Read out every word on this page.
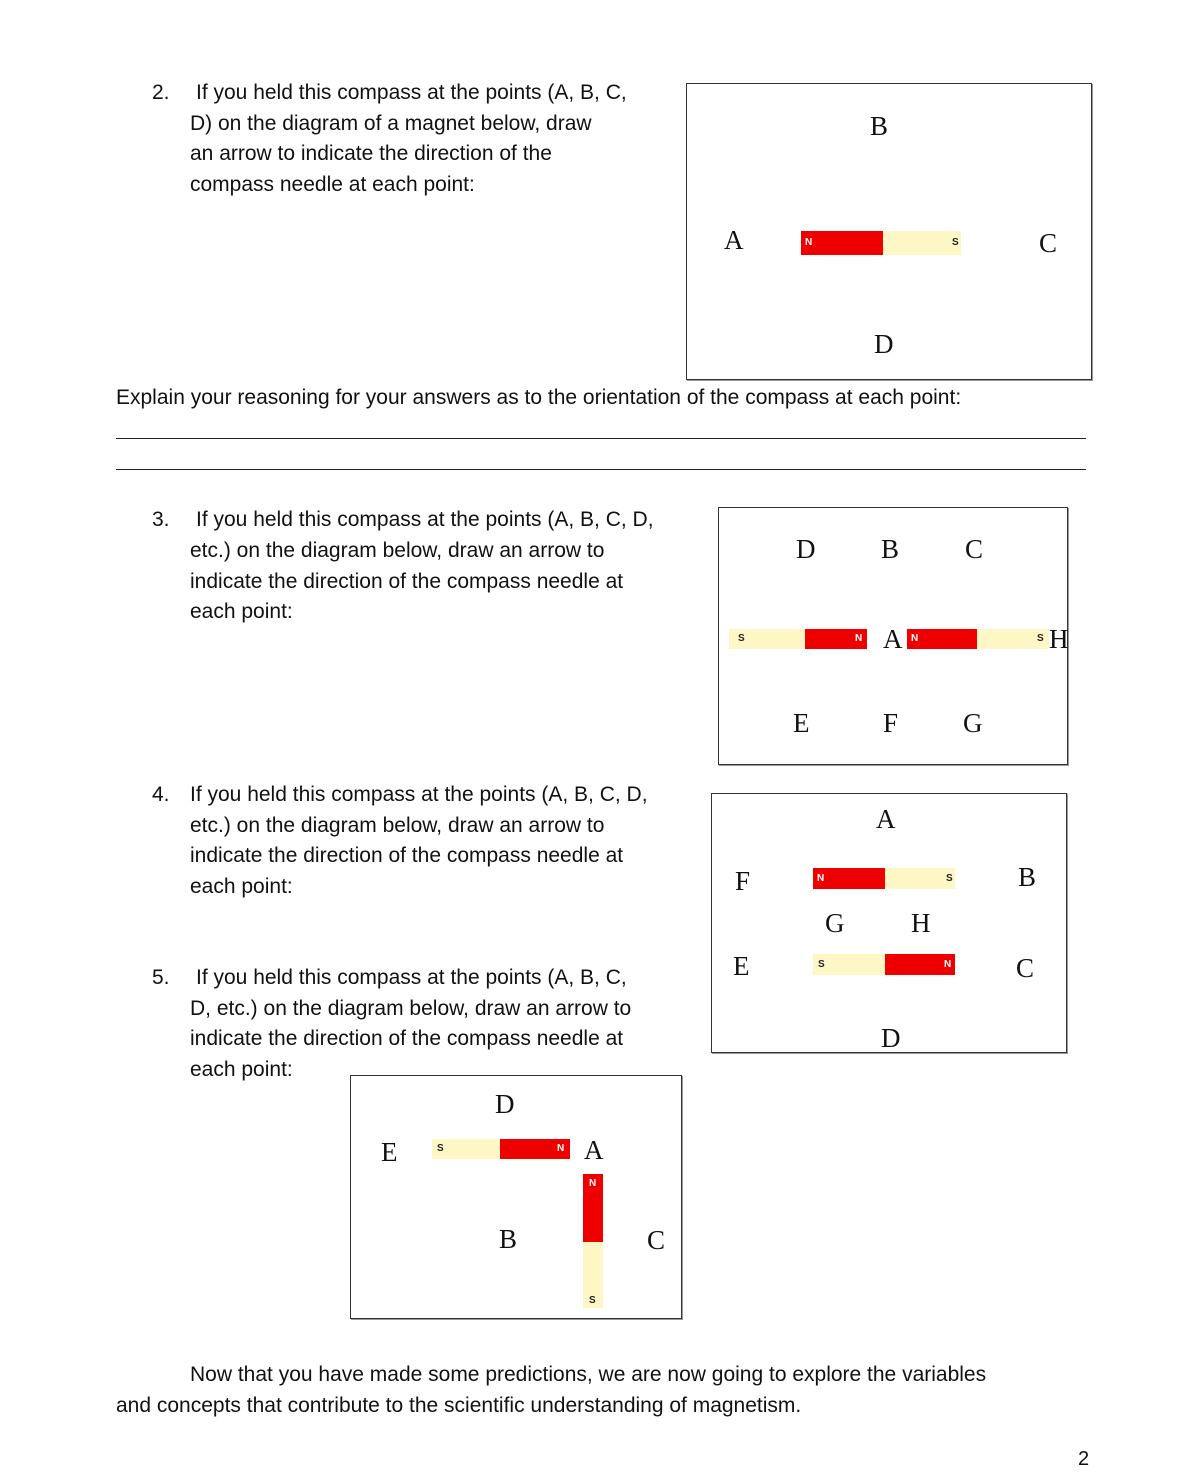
2. If you held this compass at the points (A, B, C,
D) on the diagram of a magnet below, draw
an arrow to indicate the direction of the
compass needle at each point:
B
A	C
D
N	S
Explain your reasoning for your answers as to the orientation of the compass at each point:
3. If you held this compass at the points (A, B, C, D,
etc.) on the diagram below, draw an arrow to
indicate the direction of the compass needle at
each point:
D B C
S	N A N	S H
E	F G
4. If you held this compass at the points (A, B, C, D,
etc.) on the diagram below, draw an arrow to
indicate the direction of the compass needle at
each point:
A
F	N	S B
G H
E	S	N C
D
5. If you held this compass at the points (A, B, C,
D, etc.) on the diagram below, draw an arrow to
indicate the direction of the compass needle at
each point:
D
E	S	N A
N
S
B	C
Now that you have made some predictions, we are now going to explore the variables
and concepts that contribute to the scientific understanding of magnetism.
2
